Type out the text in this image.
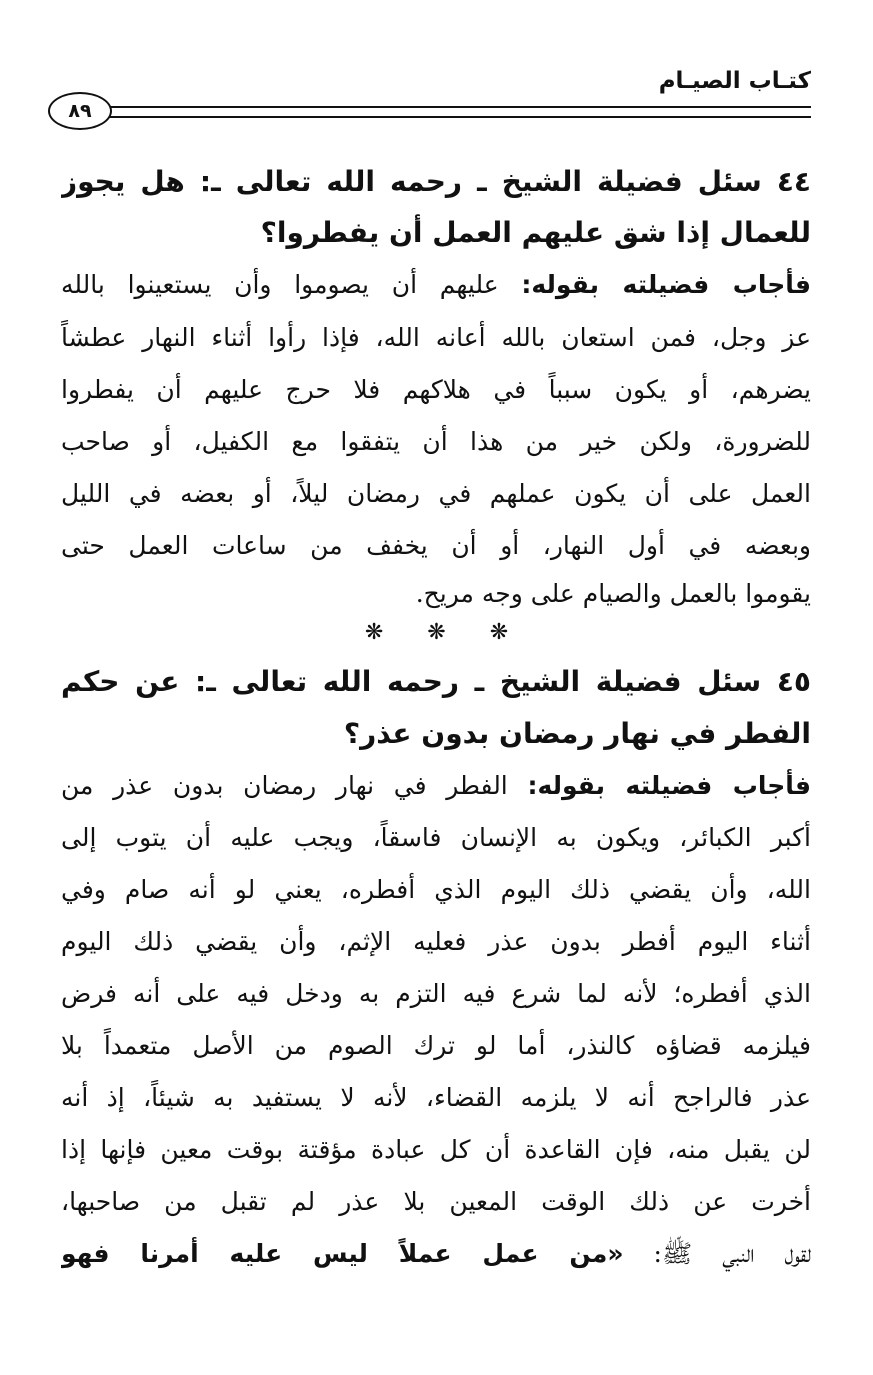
كتـاب الصيـام
٨٩
٤٤ سئل فضيلة الشيخ ـ رحمه الله تعالى ـ: هل يجوز
للعمال إذا شق عليهم العمل أن يفطروا؟
فأجاب فضيلته بقوله: عليهم أن يصوموا وأن يستعينوا بالله
عز وجل، فمن استعان بالله أعانه الله، فإذا رأوا أثناء النهار عطشاً
يضرهم، أو يكون سبباً في هلاكهم فلا حرج عليهم أن يفطروا
للضرورة، ولكن خير من هذا أن يتفقوا مع الكفيل، أو صاحب
العمل على أن يكون عملهم في رمضان ليلاً، أو بعضه في الليل
وبعضه في أول النهار، أو أن يخفف من ساعات العمل حتى
يقوموا بالعمل والصيام على وجه مريح.
❋❋❋
٤٥ سئل فضيلة الشيخ ـ رحمه الله تعالى ـ: عن حكم
الفطر في نهار رمضان بدون عذر؟
فأجاب فضيلته بقوله: الفطر في نهار رمضان بدون عذر من
أكبر الكبائر، ويكون به الإنسان فاسقاً، ويجب عليه أن يتوب إلى
الله، وأن يقضي ذلك اليوم الذي أفطره، يعني لو أنه صام وفي
أثناء اليوم أفطر بدون عذر فعليه الإثم، وأن يقضي ذلك اليوم
الذي أفطره؛ لأنه لما شرع فيه التزم به ودخل فيه على أنه فرض
فيلزمه قضاؤه كالنذر، أما لو ترك الصوم من الأصل متعمداً بلا
عذر فالراجح أنه لا يلزمه القضاء، لأنه لا يستفيد به شيئاً، إذ أنه
لن يقبل منه، فإن القاعدة أن كل عبادة مؤقتة بوقت معين فإنها إذا
أخرت عن ذلك الوقت المعين بلا عذر لم تقبل من صاحبها،
لقول النبي ﷺ: «من عمل عملاً ليس عليه أمرنا فهو
